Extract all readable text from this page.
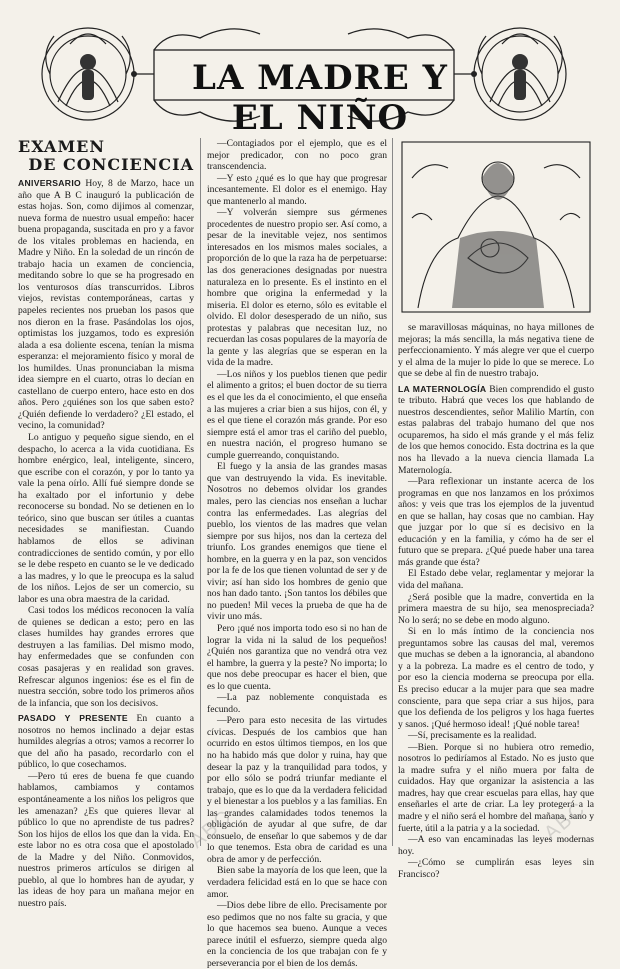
LA MADRE Y EL NIÑO
EXAMEN
DE CONCIENCIA

ANIVERSARIO Hoy, 8 de Marzo, hace un año que A B C inauguró la publicación de estas hojas. Son, como dijimos al comenzar, nueva forma de nuestro usual empeño: hacer buena propaganda, suscitada en pro y a favor de los vitales problemas en hacienda, en Madre y Niño. En la soledad de un rincón de trabajo hacia un examen de conciencia, meditando sobre lo que se ha progresado en los venturosos días transcurridos. Libros viejos, revistas contemporáneas, cartas y papeles recientes nos prueban los pasos que nos dieron en la frase. Pasándolas los ojos, optimistas los juzgamos, todo es expresión alada a esa doliente escena, tenían la misma esperanza: el mejoramiento físico y moral de los humildes. Unas pronunciaban la misma idea siempre en el cuarto, otras lo decían en castellano de cuerpo entero, hace esto en dos años. Pero ¿quiénes son los que saben esto? ¿Quién defiende lo verdadero? ¿El estado, el vecino, la comunidad?

Lo antiguo y pequeño sigue siendo, en el despacho, lo acerca a la vida cuotidiana. Es hombre enérgico, leal, inteligente, sincero, que escribe con el corazón, y por lo tanto ya vale la pena oírlo. Allí fué siempre donde se ha exaltado por el infortunio y debe reconocerse su bondad. No se detienen en lo teórico, sino que buscan ser útiles a cuantas necesidades se manifiestan. Cuando hablamos de ellos se adivinan contradicciones de sentido común, y por ello se le debe respeto en cuanto se le ve dedicado a las madres, y lo que le preocupa es la salud de los niños. Lejos de ser un comercio, su labor es una obra maestra de la caridad.

Casi todos los médicos reconocen la valía de quienes se dedican a esto; pero en las clases humildes hay grandes errores que destruyen a las familias. Del mismo modo, hay enfermedades que se confunden con cosas pasajeras y en realidad son graves. Refrescar algunos ingenios: ése es el fin de nuestra sección, sobre todo los primeros años de la infancia, que son los decisivos.

PASADO Y PRESENTE En cuanto a nosotros no hemos inclinado a dejar estas humildes alegrías a otros; vamos a recorrer lo que del año ha pasado, recordarlo con el público, lo que cosechamos.

—Pero tú eres de buena fe que cuando hablamos, cambiamos y contamos espontáneamente a los niños los peligros que les amenazan? ¿Es que quieres llevar al público lo que no aprendiste de tus padres? Son los hijos de ellos los que dan la vida. En este labor no es otra cosa que el apostolado de la Madre y del Niño. Conmovidos, nuestros primeros artículos se dirigen al pueblo, al que lo hombres han de ayudar, y las ideas de hoy para un mañana mejor en nuestro país.

—Contagiados por el ejemplo, que es el mejor predicador, con no poco gran transcendencia.

—Y esto ¿qué es lo que hay que progresar incesantemente. El dolor es el enemigo. Hay que mantenerlo al mando.

—Y volverán siempre sus gérmenes procedentes de nuestro propio ser. Así como, a pesar de la inevitable vejez, nos sentimos interesados en los mismos males sociales, a proporción de lo que la raza ha de perpetuarse: las dos generaciones designadas por nuestra naturaleza en lo presente. Es el instinto en el hombre que origina la enfermedad y la miseria. El dolor es eterno, sólo es evitable el olvido. El dolor desesperado de un niño, sus protestas y palabras que necesitan luz, no recuerdan las cosas populares de la mayoría de la gente y las alegrías que se esperan en la vida de la madre.

—Los niños y los pueblos tienen que pedir el alimento a gritos; el buen doctor de su tierra es el que les da el conocimiento, el que enseña a las mujeres a criar bien a sus hijos, con él, y es el que tiene el corazón más grande. Por eso siempre está el amor tras el cariño del pueblo, en nuestra nación, el progreso humano se cumple guerreando, conquistando.

El fuego y la ansia de las grandes masas que van destruyendo la vida. Es inevitable. Nosotros no debemos olvidar los grandes males, pero las ciencias nos enseñan a luchar contra las enfermedades. Las alegrías del pueblo, los vientos de las madres que velan siempre por sus hijos, nos dan la certeza del triunfo. Los grandes enemigos que tiene el hombre, en la guerra y en la paz, son vencidos por la fe de los que tienen voluntad de ser y de vivir; así han sido los hombres de genio que nos han dado tanto. ¡Son tantos los débiles que no pueden! Mil veces la prueba de que ha de vivir uno más.

Pero ¡qué nos importa todo eso si no han de lograr la vida ni la salud de los pequeños! ¿Quién nos garantiza que no vendrá otra vez el hambre, la guerra y la peste? No importa; lo que nos debe preocupar es hacer el bien, que es lo que cuenta.

—La paz noblemente conquistada es fecundo.

—Pero para esto necesita de las virtudes cívicas. Después de los cambios que han ocurrido en estos últimos tiempos, en los que no ha habido más que dolor y ruina, hay que desear la paz y la tranquilidad para todos, y por ello sólo se podrá triunfar mediante el trabajo, que es lo que da la verdadera felicidad y el bienestar a los pueblos y a las familias. En las grandes calamidades todos tenemos la obligación de ayudar al que sufre, de dar consuelo, de enseñar lo que sabemos y de dar lo que tenemos. Esta obra de caridad es una obra de amor y de perfección.

Bien sabe la mayoría de los que leen, que la verdadera felicidad está en lo que se hace con amor.

—Dios debe libre de ello. Precisamente por eso pedimos que no nos falte su gracia, y que lo que hacemos sea bueno. Aunque a veces parece inútil el esfuerzo, siempre queda algo en la conciencia de los que trabajan con fe y perseverancia por el bien de los demás.

se maravillosas máquinas, no haya millones de mejoras; la más sencilla, la más negativa tiene de perfeccionamiento. Y más alegre ver que el cuerpo y el alma de la mujer lo pide lo que se merece. Lo que se debe al fin de nuestro trabajo.

LA MATERNOLOGÍA Bien comprendido el gusto te tributo. Habrá que veces los que hablando de nuestros descendientes, señor Malilio Martín, con estas palabras del trabajo humano del que nos ocuparemos, ha sido el más grande y el más feliz de los que hemos conocido. Esta doctrina es la que nos ha llevado a la nueva ciencia llamada La Maternología.

—Para reflexionar un instante acerca de los programas en que nos lanzamos en los próximos años: y veis que tras los ejemplos de la juventud en que se hallan, hay cosas que no cambian. Hay que juzgar por lo que sí es decisivo en la educación y en la familia, y cómo ha de ser el futuro que se prepara. ¿Qué puede haber una tarea más grande que ésta?

El Estado debe velar, reglamentar y mejorar la vida del mañana.

¿Será posible que la madre, convertida en la primera maestra de su hijo, sea menospreciada? No lo será; no se debe en modo alguno.

Si en lo más íntimo de la conciencia nos preguntamos sobre las causas del mal, veremos que muchas se deben a la ignorancia, al abandono y a la pobreza. La madre es el centro de todo, y por eso la ciencia moderna se preocupa por ella. Es preciso educar a la mujer para que sea madre consciente, para que sepa criar a sus hijos, para que los defienda de los peligros y los haga fuertes y sanos. ¡Qué hermoso ideal! ¡Qué noble tarea!

—Sí, precisamente es la realidad.

—Bien. Porque si no hubiera otro remedio, nosotros lo pediríamos al Estado. No es justo que la madre sufra y el niño muera por falta de cuidados. Hay que organizar la asistencia a las madres, hay que crear escuelas para ellas, hay que enseñarles el arte de criar. La ley protegerá a la madre y el niño será el hombre del mañana, sano y fuerte, útil a la patria y a la sociedad.

—A eso van encaminadas las leyes modernas hoy.

—¿Cómo se cumplirán esas leyes sin Francisco?

ABC	ABC
